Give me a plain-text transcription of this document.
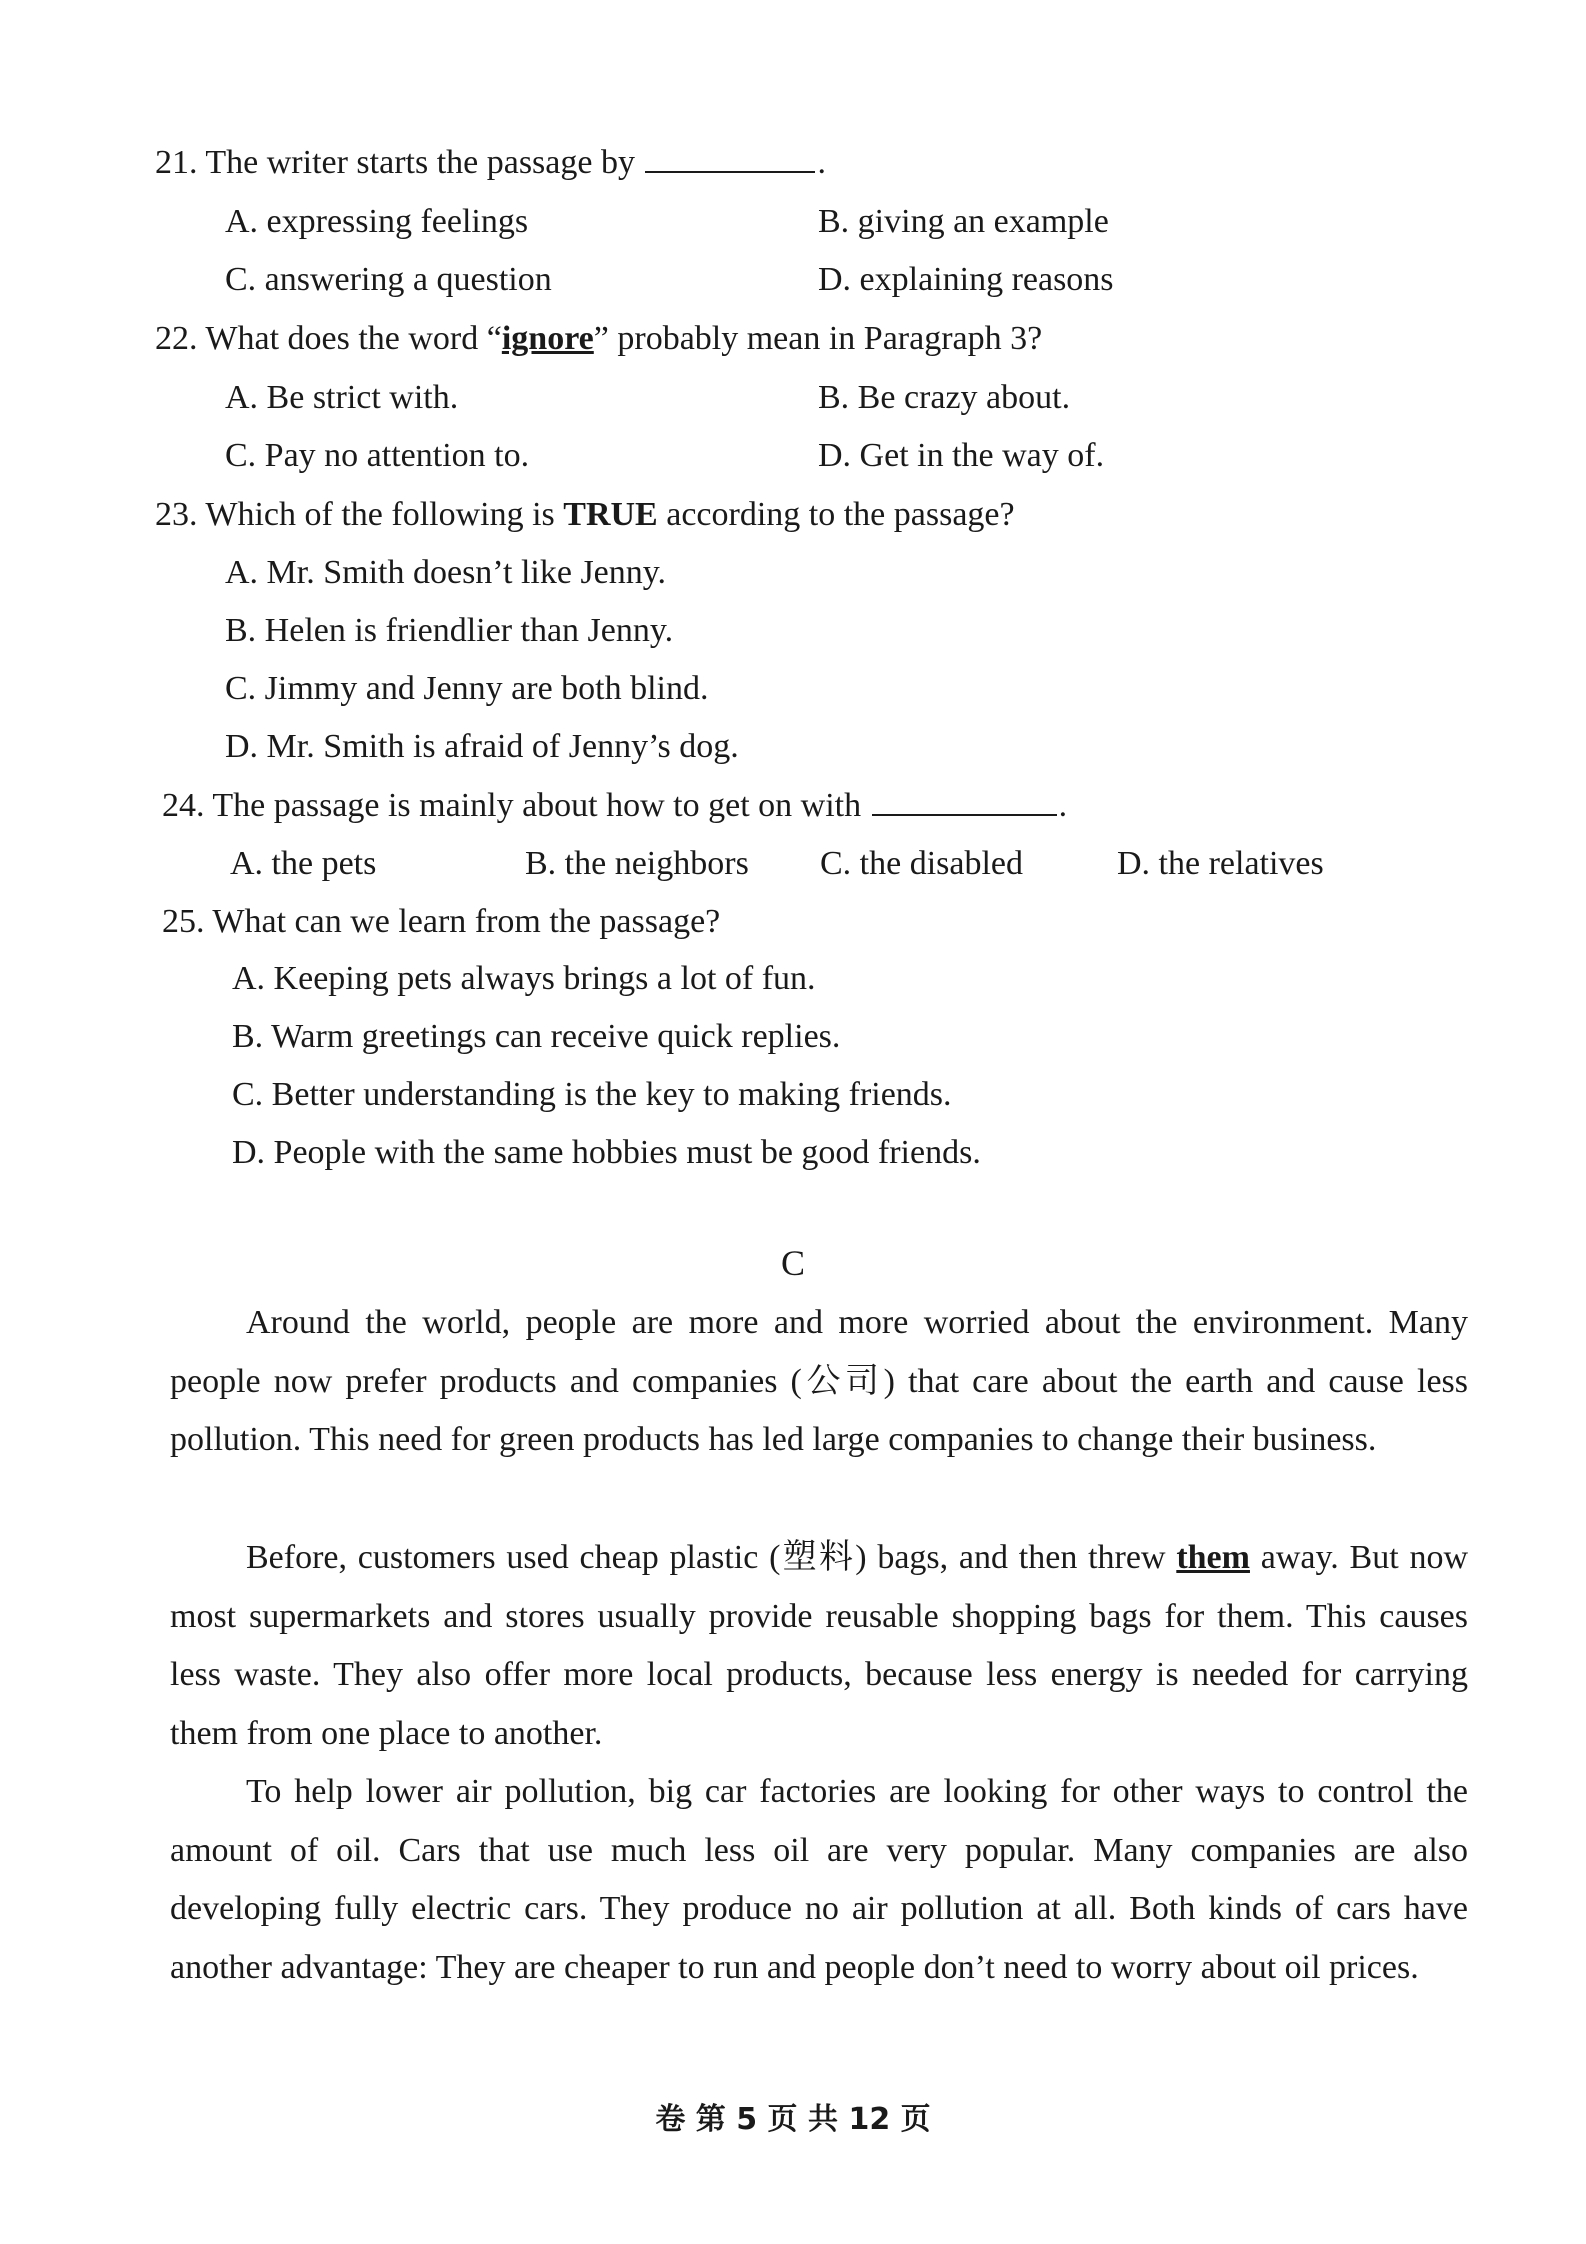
21. The writer starts the passage by	.
A. expressing feelings	B. giving an example
C. answering a question	D. explaining reasons
22. What does the word “ignore” probably mean in Paragraph 3?
A. Be strict with.	B. Be crazy about.
C. Pay no attention to.	D. Get in the way of.
23. Which of the following is TRUE according to the passage?
A. Mr. Smith doesn’t like Jenny.
B. Helen is friendlier than Jenny.
C. Jimmy and Jenny are both blind.
D. Mr. Smith is afraid of Jenny’s dog.
24. The passage is mainly about how to get on with	.
A. the pets	B. the neighbors C. the disabled	D. the relatives
25. What can we learn from the passage?
A. Keeping pets always brings a lot of fun.
B. Warm greetings can receive quick replies.
C. Better understanding is the key to making friends.
D. People with the same hobbies must be good friends.
C
Around the world, people are more and more worried about the environment. Many people now prefer products and companies (公司) that care about the earth and cause less pollution. This need for green products has led large companies to change their business.
Before, customers used cheap plastic (塑料) bags, and then threw them away. But now most supermarkets and stores usually provide reusable shopping bags for them. This causes less waste. They also offer more local products, because less energy is needed for carrying them from one place to another.
To help lower air pollution, big car factories are looking for other ways to control the amount of oil. Cars that use much less oil are very popular. Many companies are also developing fully electric cars. They produce no air pollution at all. Both kinds of cars have another advantage: They are cheaper to run and people don’t need to worry about oil prices.
卷 第 5 页 共 12 页
